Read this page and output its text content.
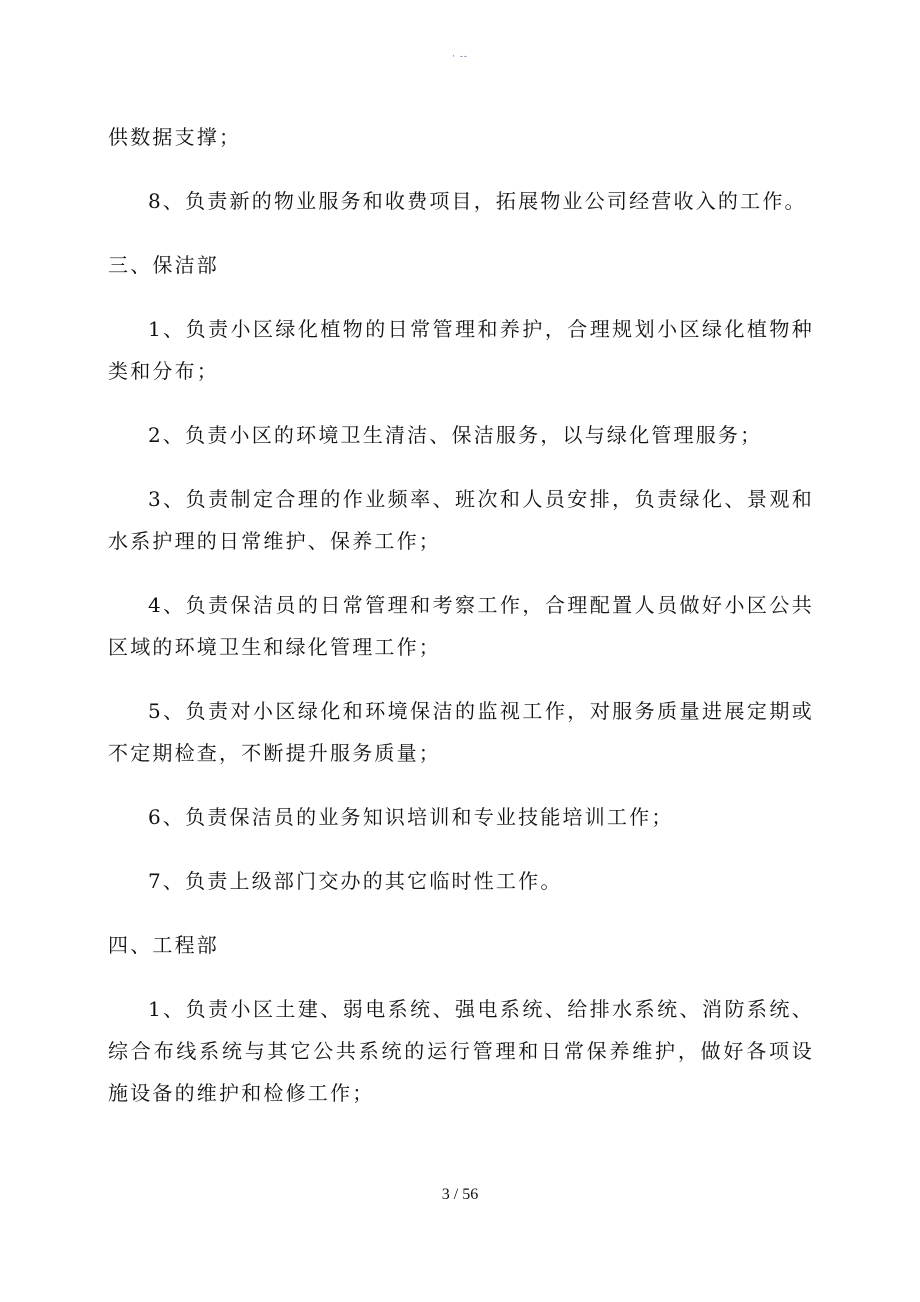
· --

供数据支撑；

8、负责新的物业服务和收费项目，拓展物业公司经营收入的工作。

三、保洁部

1、负责小区绿化植物的日常管理和养护，合理规划小区绿化植物种类和分布；

2、负责小区的环境卫生清洁、保洁服务，以与绿化管理服务；

3、负责制定合理的作业频率、班次和人员安排，负责绿化、景观和水系护理的日常维护、保养工作；

4、负责保洁员的日常管理和考察工作，合理配置人员做好小区公共区域的环境卫生和绿化管理工作；

5、负责对小区绿化和环境保洁的监视工作，对服务质量进展定期或不定期检查，不断提升服务质量；

6、负责保洁员的业务知识培训和专业技能培训工作；

7、负责上级部门交办的其它临时性工作。

四、工程部

1、负责小区土建、弱电系统、强电系统、给排水系统、消防系统、综合布线系统与其它公共系统的运行管理和日常保养维护，做好各项设施设备的维护和检修工作；

3 / 56
